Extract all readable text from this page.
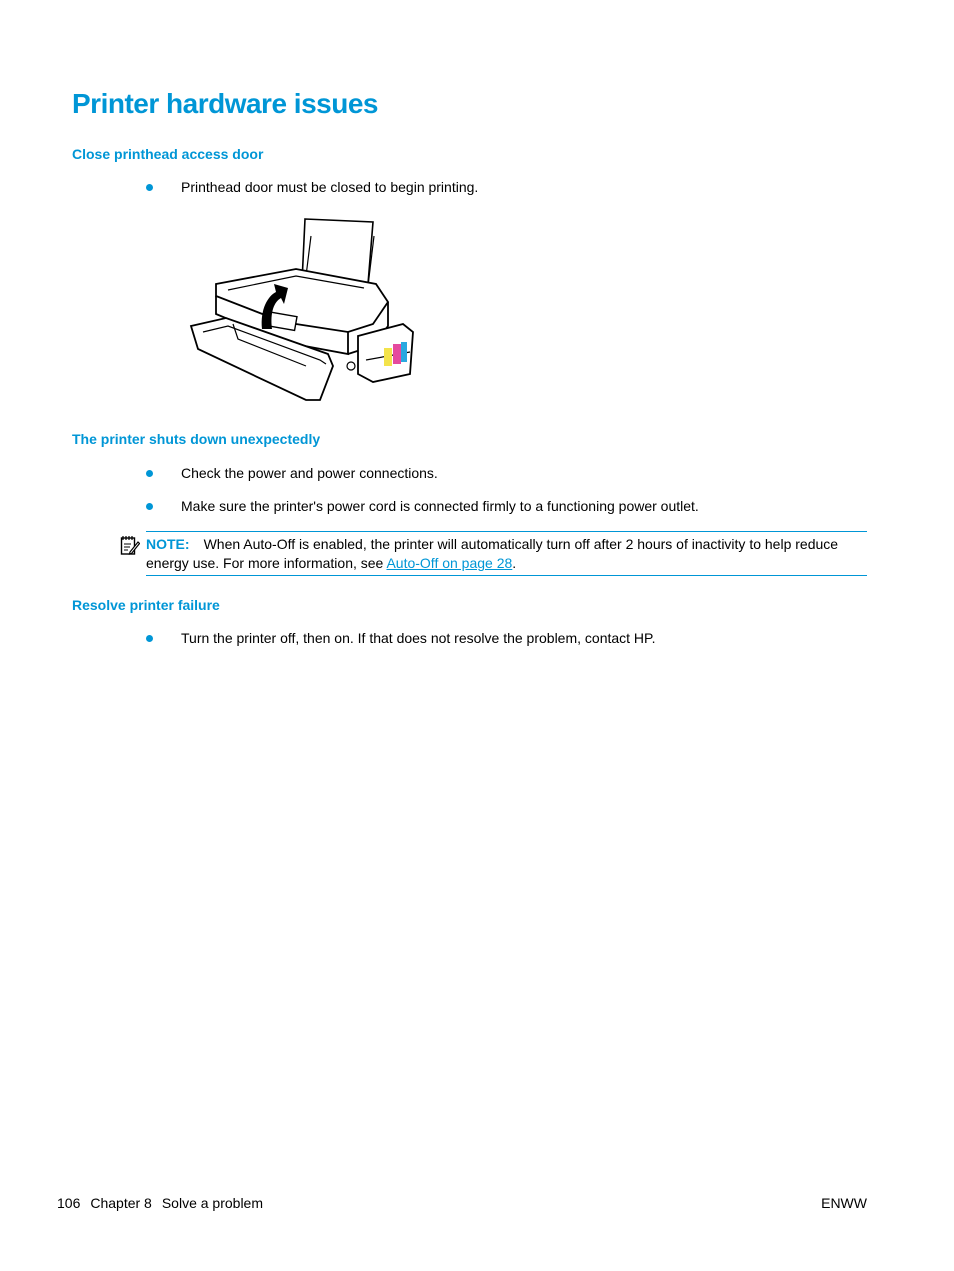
Printer hardware issues
Close printhead access door
Printhead door must be closed to begin printing.
The printer shuts down unexpectedly
Check the power and power connections.
Make sure the printer's power cord is connected firmly to a functioning power outlet.
NOTE: When Auto-Off is enabled, the printer will automatically turn off after 2 hours of inactivity to help reduce energy use. For more information, see Auto-Off on page 28.
Resolve printer failure
Turn the printer off, then on. If that does not resolve the problem, contact HP.
106 Chapter 8 Solve a problem	ENWW
